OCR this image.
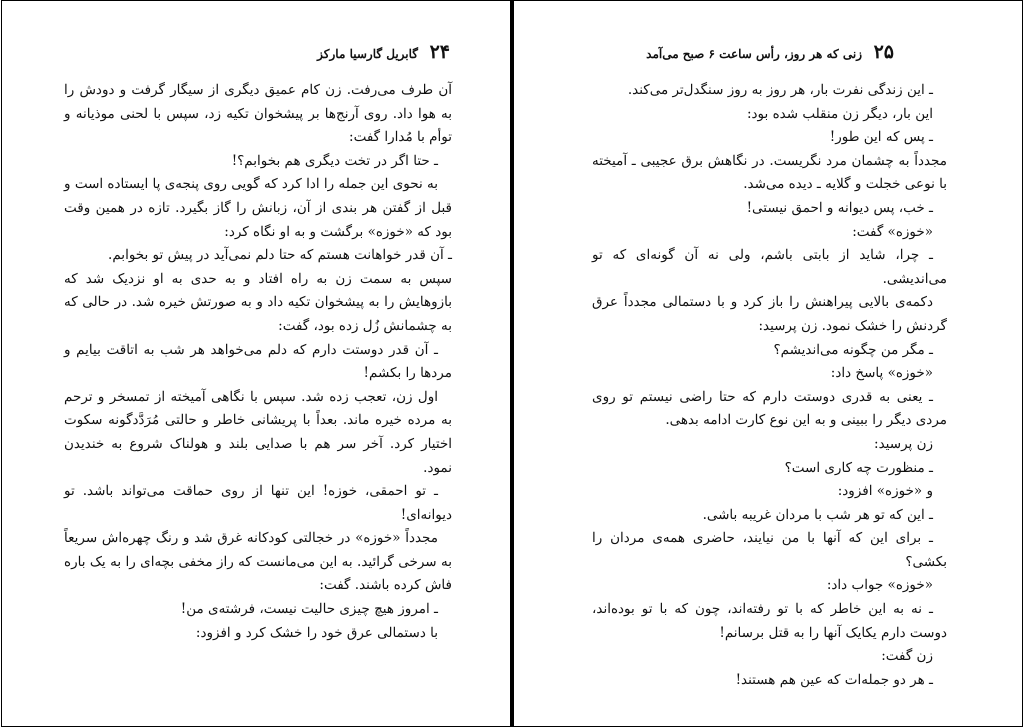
۲۴ گابریل گارسیا مارکز

آن طرف می‌رفت. زن کام عمیق دیگری از سیگار گرفت و دودش را به هوا داد. روی آرنج‌ها بر پیشخوان تکیه زد، سپس با لحنی موذیانه و توأم با مُدارا گفت:

ـ حتا اگر در تخت دیگری هم بخوابم؟!

به نحوی این جمله را ادا کرد که گویی روی پنجه‌ی پا ایستاده است و قبل از گفتن هر بندی از آن، زبانش را گاز بگیرد. تازه در همین وقت بود که «خوزه» برگشت و به او نگاه کرد:

ـ آن قدر خواهانت هستم که حتا دلم نمی‌آید در پیش تو بخوابم.

سپس به سمت زن به راه افتاد و به حدی به او نزدیک شد که بازوهایش را به پیشخوان تکیه داد و به صورتش خیره شد. در حالی که به چشمانش زُل زده بود، گفت:

ـ آن قدر دوستت دارم که دلم می‌خواهد هر شب به اتاقت بیایم و مردها را بکشم!

اول زن، تعجب زده شد. سپس با نگاهی آمیخته از تمسخر و ترحم به مرده خیره ماند. بعداً با پریشانی خاطر و حالتی مُرَدَّدگونه سکوت اختیار کرد. آخر سر هم با صدایی بلند و هولناک شروع به خندیدن نمود.

ـ تو احمقی، خوزه! این تنها از روی حماقت می‌تواند باشد. تو دیوانه‌ای!

مجدداً «خوزه» در خجالتی کودکانه غرق شد و رنگ چهره‌اش سریعاً به سرخی گرائید. به این می‌مانست که راز مخفی بچه‌ای را به یک باره فاش کرده باشند. گفت:

ـ امروز هیچ چیزی حالیت نیست، فرشته‌ی من!

با دستمالی عرق خود را خشک کرد و افزود:

۲۵ زنی که هر روز، رأس ساعت ۶ صبح می‌آمد

ـ این زندگی نفرت بار، هر روز به روز سنگدل‌تر می‌کند.

این بار، دیگر زن منقلب شده بود:

ـ پس که این طور!

مجدداً به چشمان مرد نگریست. در نگاهش برق عجیبی ـ آمیخته با نوعی خجلت و گلایه ـ دیده می‌شد.

ـ خب، پس دیوانه و احمق نیستی!

«خوزه» گفت:

ـ چرا، شاید از بابتی باشم، ولی نه آن گونه‌ای که تو می‌اندیشی.

دکمه‌ی بالایی پیراهنش را باز کرد و با دستمالی مجدداً عرق گردنش را خشک نمود. زن پرسید:

ـ مگر من چگونه می‌اندیشم؟

«خوزه» پاسخ داد:

ـ یعنی به قدری دوستت دارم که حتا راضی نیستم تو روی مردی دیگر را ببینی و به این نوع کارت ادامه بدهی.

زن پرسید:

ـ منظورت چه کاری است؟

و «خوزه» افزود:

ـ این که تو هر شب با مردان غریبه باشی.

ـ برای این که آنها با من نیایند، حاضری همه‌ی مردان را بکشی؟

«خوزه» جواب داد:

ـ نه به این خاطر که با تو رفته‌اند، چون که با تو بوده‌اند، دوست دارم یکایک آنها را به قتل برسانم!

زن گفت:

ـ هر دو جمله‌ات که عین هم هستند!
